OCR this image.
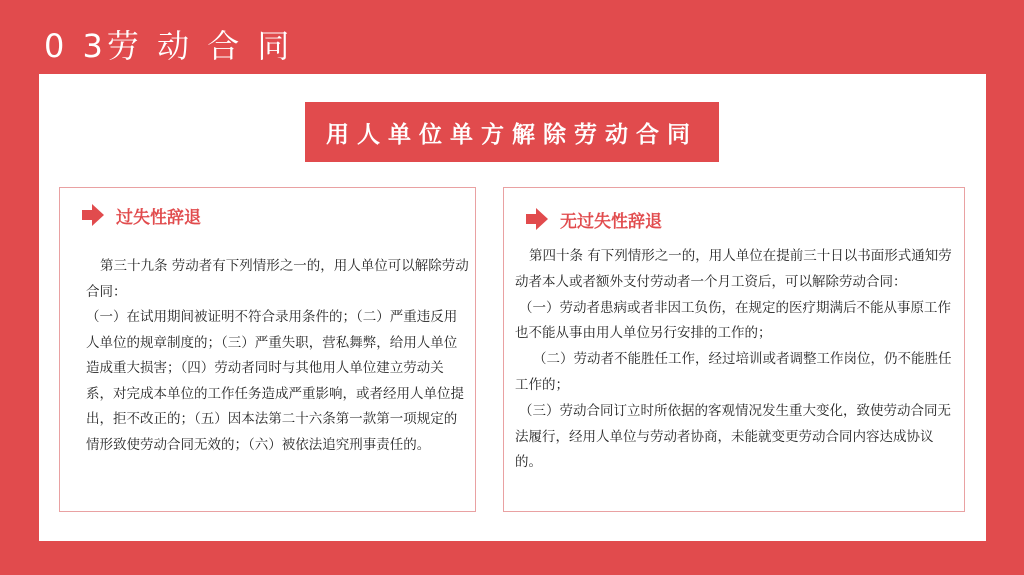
0 3劳 动 合 同
用人单位单方解除劳动合同
过失性辞退

第三十九条 劳动者有下列情形之一的，用人单位可以解除劳动合同：

（一）在试用期间被证明不符合录用条件的；（二）严重违反用人单位的规章制度的；（三）严重失职，营私舞弊，给用人单位造成重大损害；（四）劳动者同时与其他用人单位建立劳动关系，对完成本单位的工作任务造成严重影响，或者经用人单位提出，拒不改正的；（五）因本法第二十六条第一款第一项规定的情形致使劳动合同无效的；（六）被依法追究刑事责任的。

无过失性辞退

第四十条 有下列情形之一的，用人单位在提前三十日以书面形式通知劳动者本人或者额外支付劳动者一个月工资后，可以解除劳动合同：

（一）劳动者患病或者非因工负伤，在规定的医疗期满后不能从事原工作也不能从事由用人单位另行安排的工作的；

（二）劳动者不能胜任工作，经过培训或者调整工作岗位，仍不能胜任工作的；

（三）劳动合同订立时所依据的客观情况发生重大变化，致使劳动合同无法履行，经用人单位与劳动者协商，未能就变更劳动合同内容达成协议的。
